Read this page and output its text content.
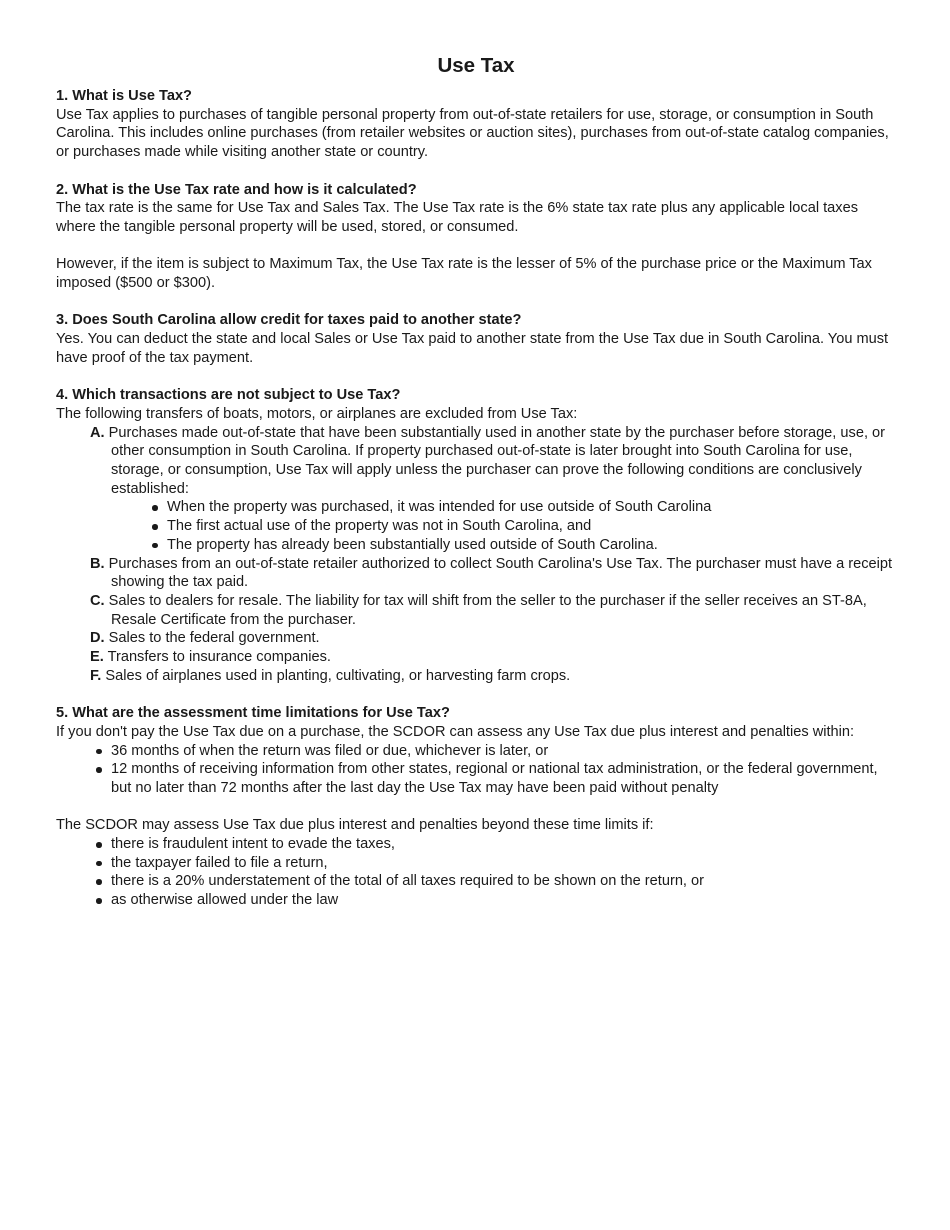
Use Tax

1. What is Use Tax?

Use Tax applies to purchases of tangible personal property from out-of-state retailers for use, storage, or consumption in South Carolina. This includes online purchases (from retailer websites or auction sites), purchases from out-of-state catalog companies, or purchases made while visiting another state or country.

2. What is the Use Tax rate and how is it calculated?

The tax rate is the same for Use Tax and Sales Tax. The Use Tax rate is the 6% state tax rate plus any applicable local taxes where the tangible personal property will be used, stored, or consumed.

However, if the item is subject to Maximum Tax, the Use Tax rate is the lesser of 5% of the purchase price or the Maximum Tax imposed ($500 or $300).

3. Does South Carolina allow credit for taxes paid to another state?

Yes. You can deduct the state and local Sales or Use Tax paid to another state from the Use Tax due in South Carolina. You must have proof of the tax payment.

4. Which transactions are not subject to Use Tax?

The following transfers of boats, motors, or airplanes are excluded from Use Tax:

A. Purchases made out-of-state that have been substantially used in another state by the purchaser before storage, use, or other consumption in South Carolina. If property purchased out-of-state is later brought into South Carolina for use, storage, or consumption, Use Tax will apply unless the purchaser can prove the following conditions are conclusively established:
When the property was purchased, it was intended for use outside of South Carolina
The first actual use of the property was not in South Carolina, and
The property has already been substantially used outside of South Carolina.
B. Purchases from an out-of-state retailer authorized to collect South Carolina's Use Tax. The purchaser must have a receipt showing the tax paid.
C. Sales to dealers for resale. The liability for tax will shift from the seller to the purchaser if the seller receives an ST-8A, Resale Certificate from the purchaser.
D. Sales to the federal government.
E. Transfers to insurance companies.
F. Sales of airplanes used in planting, cultivating, or harvesting farm crops.

5. What are the assessment time limitations for Use Tax?

If you don't pay the Use Tax due on a purchase, the SCDOR can assess any Use Tax due plus interest and penalties within:

36 months of when the return was filed or due, whichever is later, or
12 months of receiving information from other states, regional or national tax administration, or the federal government, but no later than 72 months after the last day the Use Tax may have been paid without penalty

The SCDOR may assess Use Tax due plus interest and penalties beyond these time limits if:

there is fraudulent intent to evade the taxes,
the taxpayer failed to file a return,
there is a 20% understatement of the total of all taxes required to be shown on the return, or
as otherwise allowed under the law
